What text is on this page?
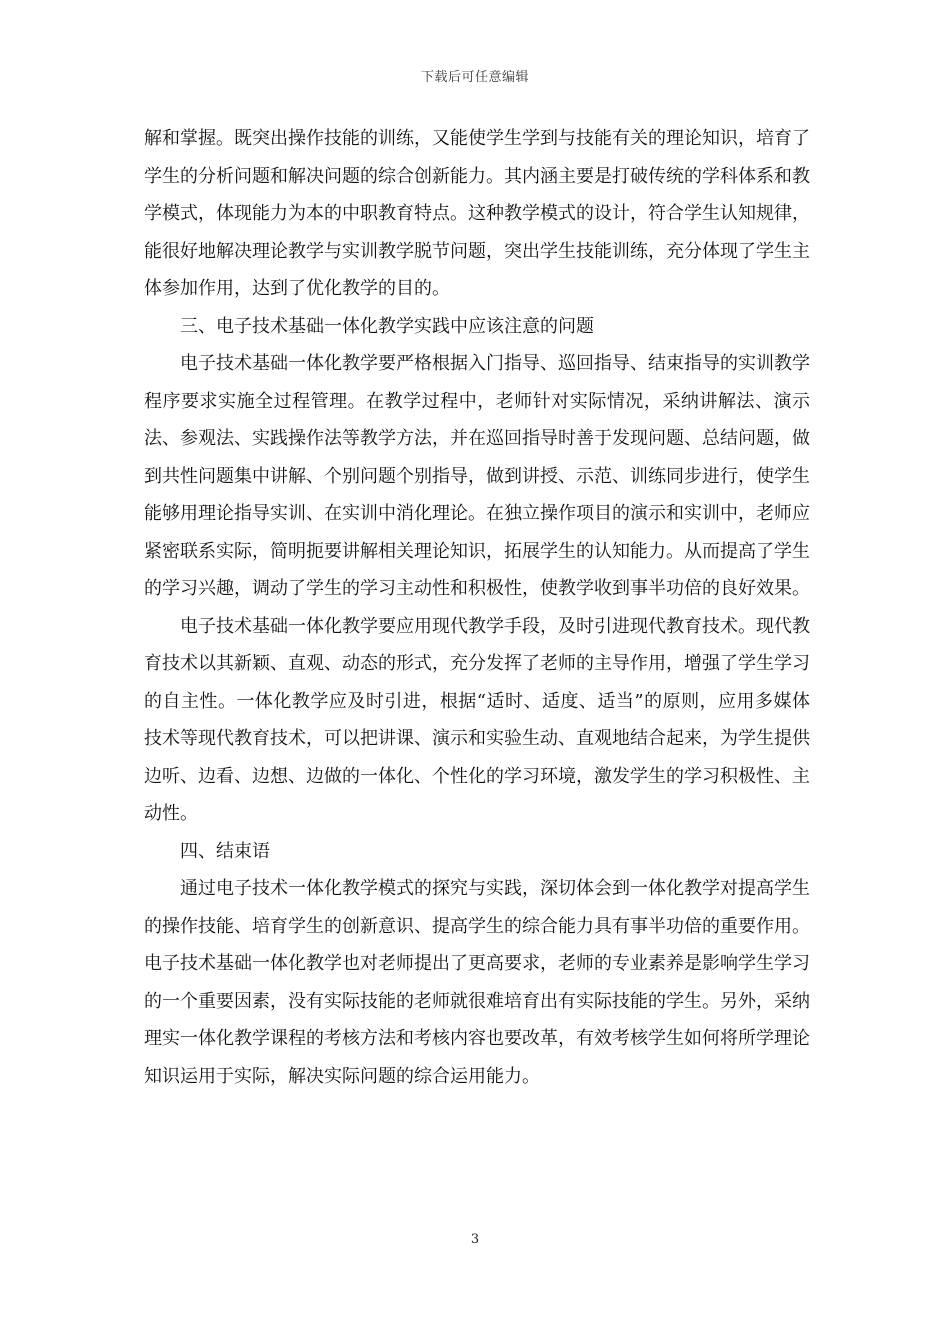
下载后可任意编辑

解和掌握。既突出操作技能的训练，又能使学生学到与技能有关的理论知识，培育了学生的分析问题和解决问题的综合创新能力。其内涵主要是打破传统的学科体系和教学模式，体现能力为本的中职教育特点。这种教学模式的设计，符合学生认知规律，能很好地解决理论教学与实训教学脱节问题，突出学生技能训练，充分体现了学生主体参加作用，达到了优化教学的目的。

三、电子技术基础一体化教学实践中应该注意的问题

电子技术基础一体化教学要严格根据入门指导、巡回指导、结束指导的实训教学程序要求实施全过程管理。在教学过程中，老师针对实际情况，采纳讲解法、演示法、参观法、实践操作法等教学方法，并在巡回指导时善于发现问题、总结问题，做到共性问题集中讲解、个别问题个别指导，做到讲授、示范、训练同步进行，使学生能够用理论指导实训、在实训中消化理论。在独立操作项目的演示和实训中，老师应紧密联系实际，简明扼要讲解相关理论知识，拓展学生的认知能力。从而提高了学生的学习兴趣，调动了学生的学习主动性和积极性，使教学收到事半功倍的良好效果。

电子技术基础一体化教学要应用现代教学手段，及时引进现代教育技术。现代教育技术以其新颖、直观、动态的形式，充分发挥了老师的主导作用，增强了学生学习的自主性。一体化教学应及时引进，根据“适时、适度、适当”的原则，应用多媒体技术等现代教育技术，可以把讲课、演示和实验生动、直观地结合起来，为学生提供边听、边看、边想、边做的一体化、个性化的学习环境，激发学生的学习积极性、主动性。

四、结束语

通过电子技术一体化教学模式的探究与实践，深切体会到一体化教学对提高学生的操作技能、培育学生的创新意识、提高学生的综合能力具有事半功倍的重要作用。电子技术基础一体化教学也对老师提出了更高要求，老师的专业素养是影响学生学习的一个重要因素，没有实际技能的老师就很难培育出有实际技能的学生。另外，采纳理实一体化教学课程的考核方法和考核内容也要改革，有效考核学生如何将所学理论知识运用于实际，解决实际问题的综合运用能力。

3
